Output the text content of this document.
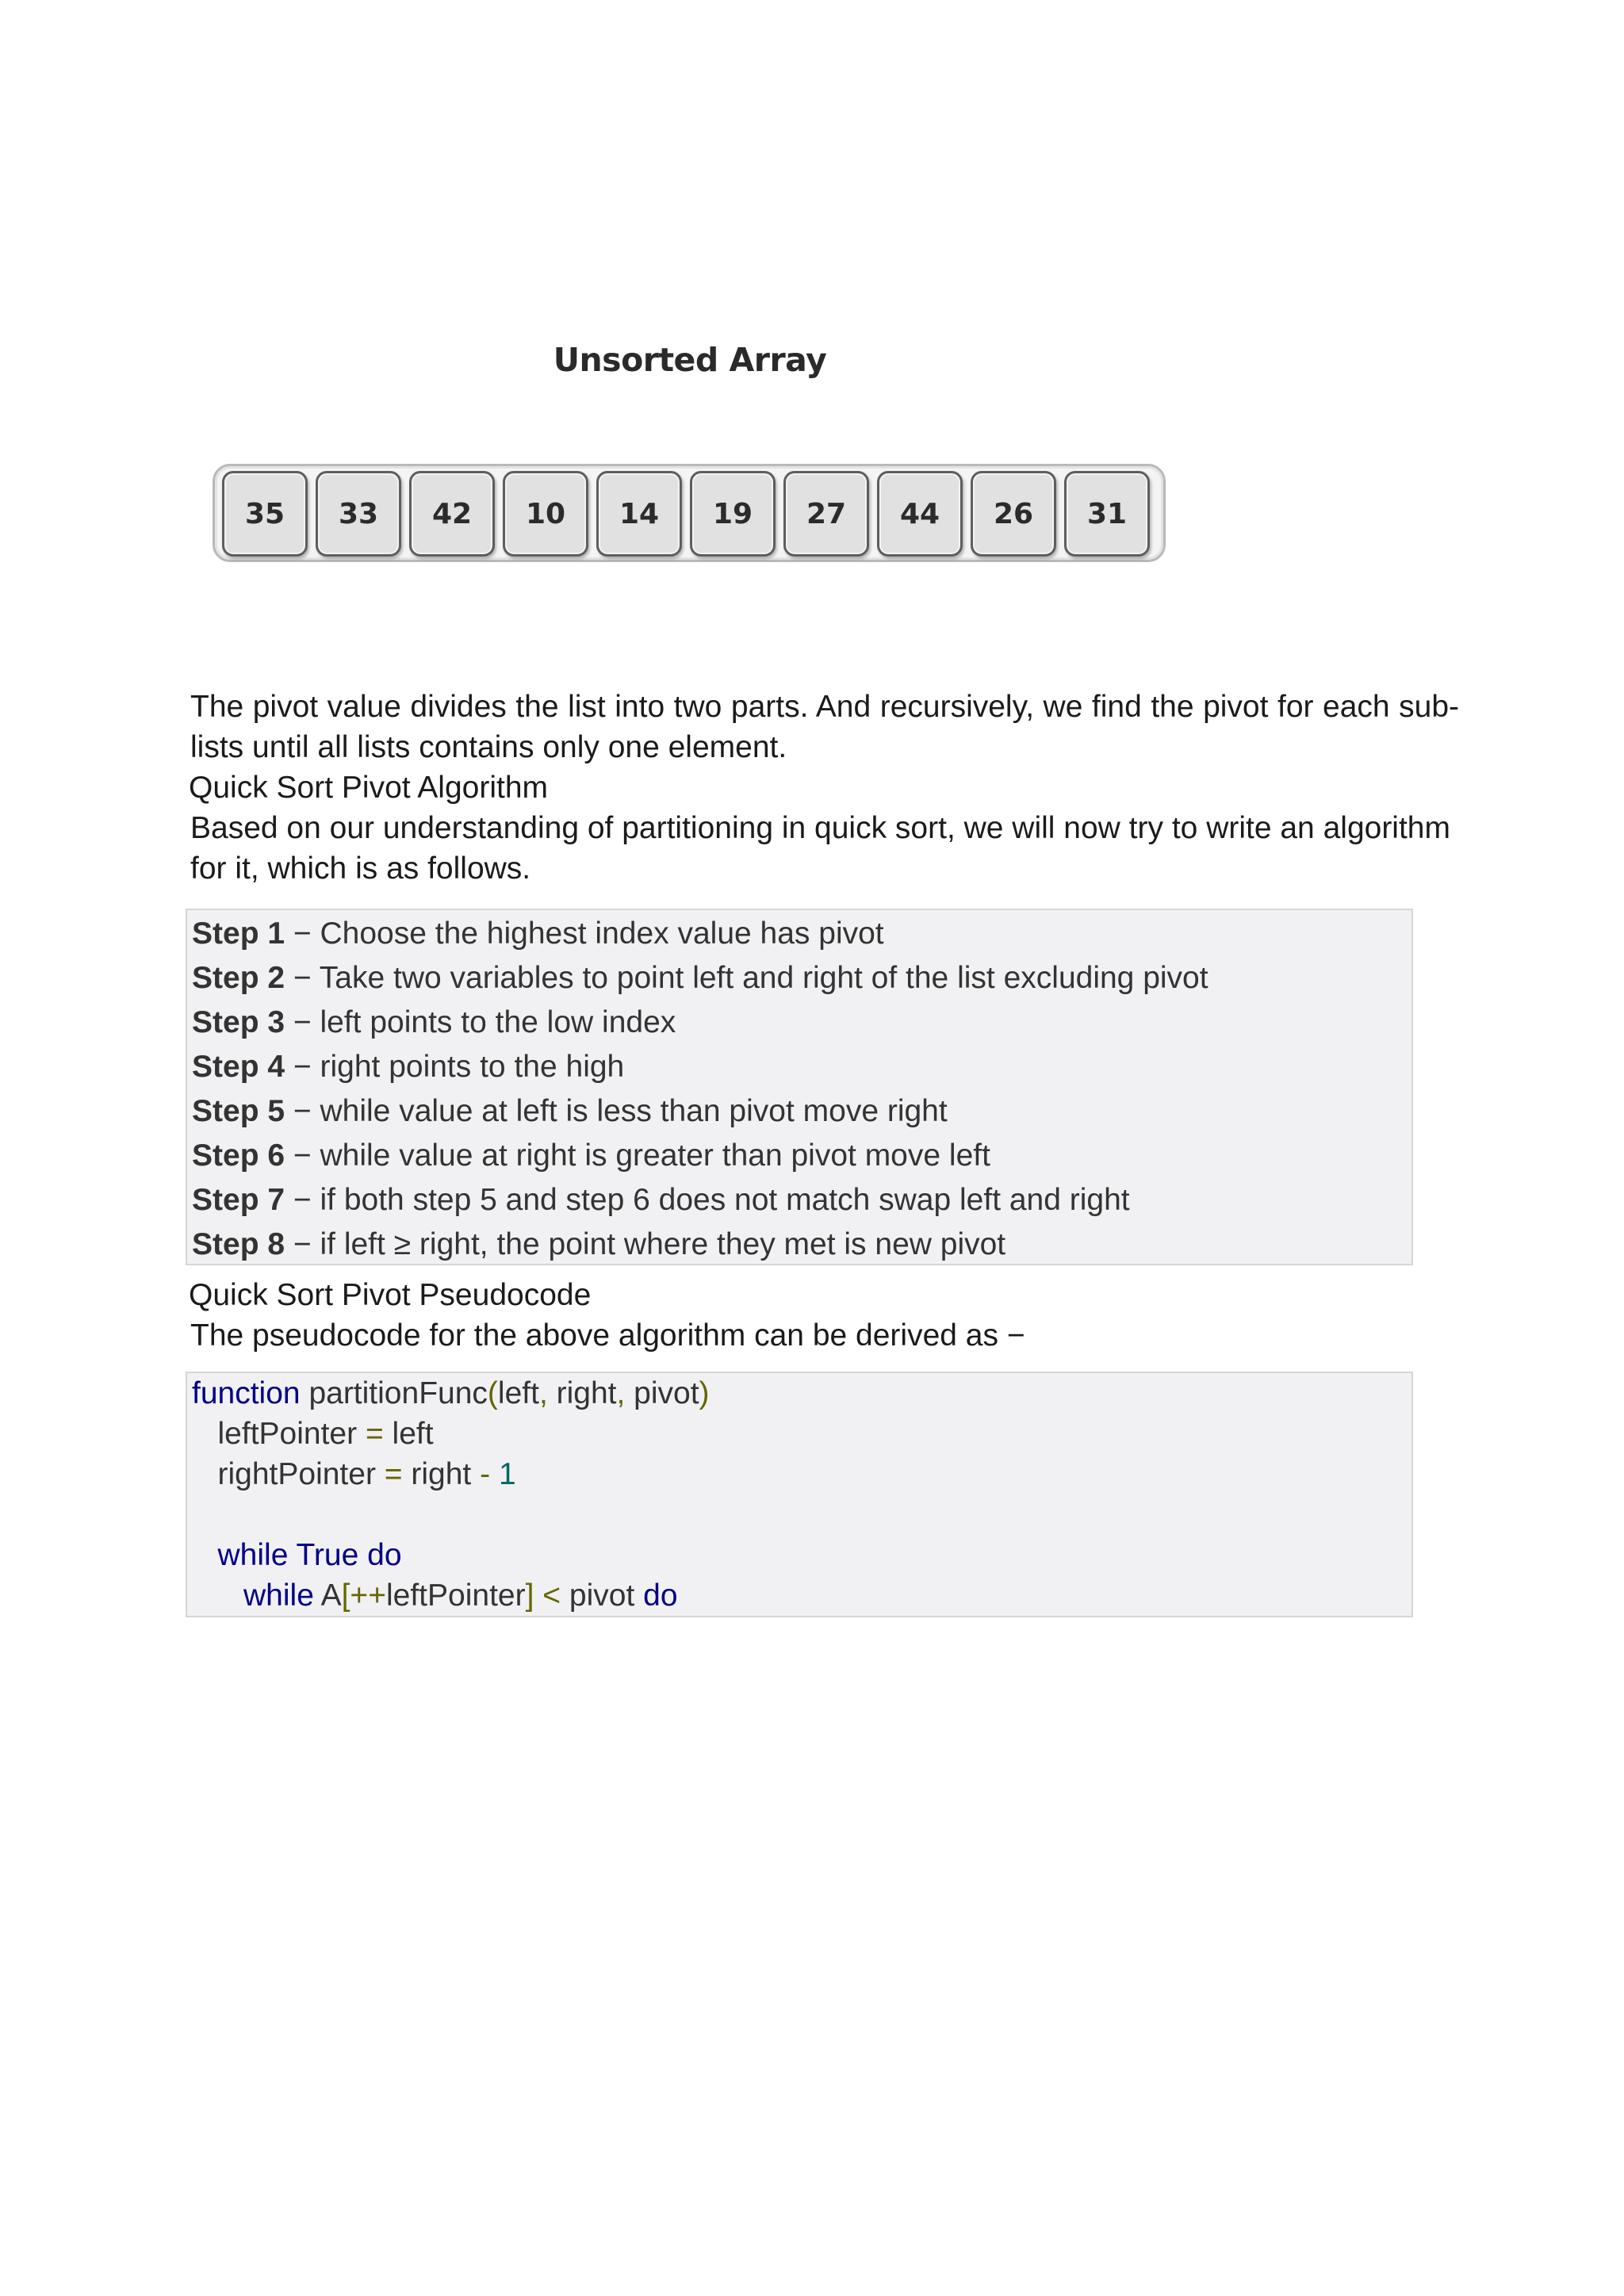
Unsorted Array
35	33	42	10	14	19	27	44	26	31
The pivot value divides the list into two parts. And recursively, we find the pivot for each sub-lists until all lists contains only one element.
Quick Sort Pivot Algorithm
Based on our understanding of partitioning in quick sort, we will now try to write an algorithm for it, which is as follows.
Step 1 − Choose the highest index value has pivot
Step 2 − Take two variables to point left and right of the list excluding pivot
Step 3 − left points to the low index
Step 4 − right points to the high
Step 5 − while value at left is less than pivot move right
Step 6 − while value at right is greater than pivot move left
Step 7 − if both step 5 and step 6 does not match swap left and right
Step 8 − if left ≥ right, the point where they met is new pivot
Quick Sort Pivot Pseudocode
The pseudocode for the above algorithm can be derived as −
function partitionFunc(left, right, pivot)
leftPointer = left
rightPointer = right - 1
while True do
while A[++leftPointer] < pivot do
